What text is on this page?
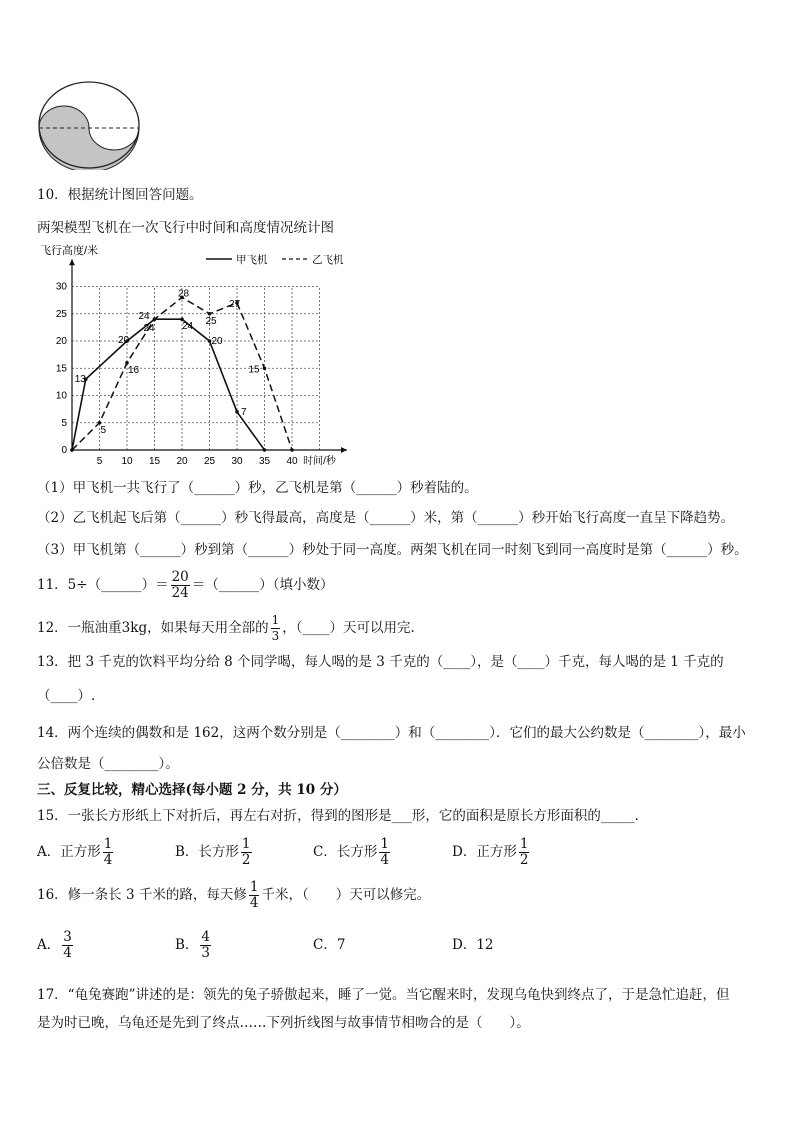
10．根据统计图回答问题。
两架模型飞机在一次飞行中时间和高度情况统计图
5 10 15 20 25 30 35 40
0
5
10
15
20
25
30
时间/秒
飞行高度/米
甲飞机	乙飞机
13
20
24
24
20
7
5
16
24
28
25
27
15
（1）甲飞机一共飞行了（______）秒，乙飞机是第（______）秒着陆的。
（2）乙飞机起飞后第（______）秒飞得最高，高度是（______）米，第（______）秒开始飞行高度一直呈下降趋势。
（3）甲飞机第（______）秒到第（______）秒处于同一高度。两架飞机在同一时刻飞到同一高度时是第（______）秒。
11．5÷（______）＝ $\frac{20}{24}$ ＝（______）（填小数）
12．一瓶油重3kg，如果每天用全部的 $\frac{1}{3}$ ，（____）天可以用完.
13．把 3 千克的饮料平均分给 8 个同学喝，每人喝的是 3 千克的（____），是（____）千克，每人喝的是 1 千克的
（____）.
14．两个连续的偶数和是 162，这两个数分别是（________）和（________）．它们的最大公约数是（________），最小
公倍数是（________）。
三、反复比较，精心选择(每小题 2 分，共 10 分）
15．一张长方形纸上下对折后，再左右对折，得到的图形是___形，它的面积是原长方形面积的_____．
A．正方形 $\frac{1}{4}$	B．长方形 $\frac{1}{2}$	C．长方形 $\frac{1}{4}$	D．正方形 $\frac{1}{2}$
16．修一条长 3 千米的路，每天修 $\frac{1}{4}$ 千米，（　　）天可以修完。
A． $\frac{3}{4}$	B． $\frac{4}{3}$	C．7	D．12
17．“龟兔赛跑”讲述的是：领先的兔子骄傲起来，睡了一觉。当它醒来时，发现乌龟快到终点了，于是急忙追赶，但
是为时已晚，乌龟还是先到了终点……下列折线图与故事情节相吻合的是（　　）。
